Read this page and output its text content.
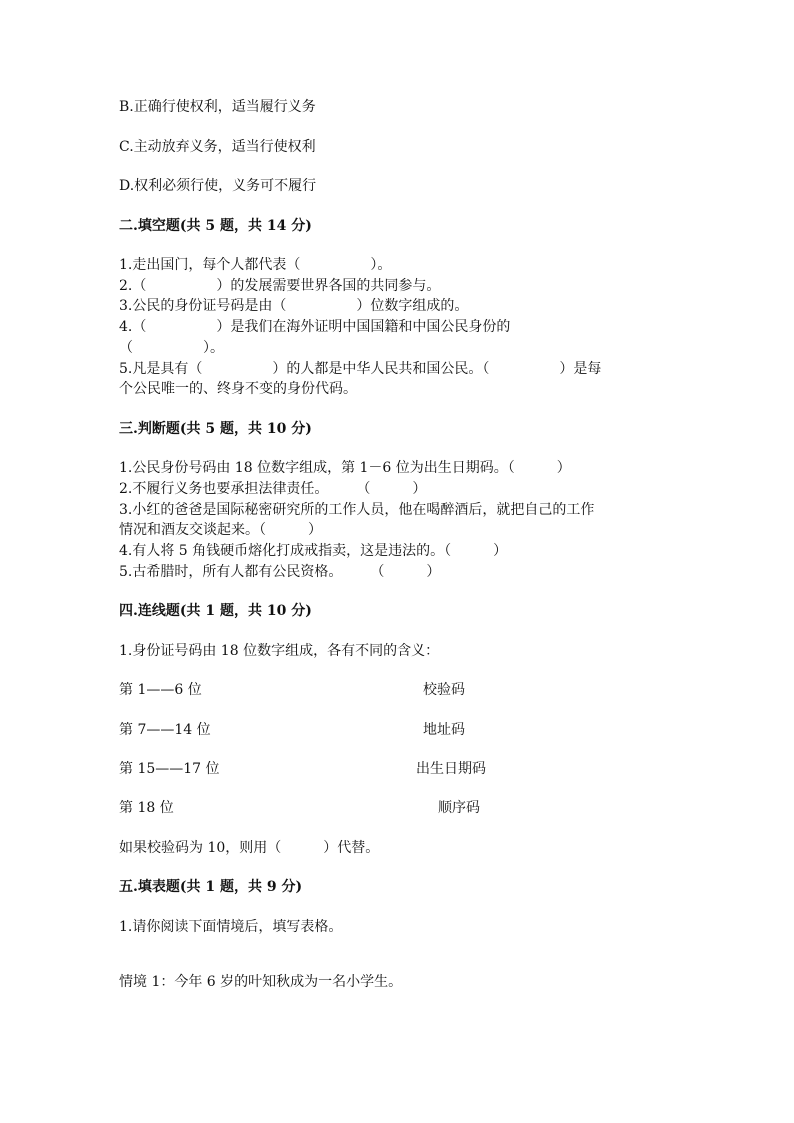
B.正确行使权利，适当履行义务
C.主动放弃义务，适当行使权利
D.权利必须行使，义务可不履行
二.填空题(共 5 题，共 14 分)
1.走出国门，每个人都代表（　　　　　）。
2.（　　　　　）的发展需要世界各国的共同参与。
3.公民的身份证号码是由（　　　　　）位数字组成的。
4.（　　　　　）是我们在海外证明中国国籍和中国公民身份的
（　　　　　）。
5.凡是具有（　　　　　）的人都是中华人民共和国公民。（　　　　　）是每
个公民唯一的、终身不变的身份代码。
三.判断题(共 5 题，共 10 分)
1.公民身份号码由 18 位数字组成，第 1－6 位为出生日期码。（　　　）
2.不履行义务也要承担法律责任。　　　（　　　）
3.小红的爸爸是国际秘密研究所的工作人员，他在喝醉酒后，就把自己的工作
情况和酒友交谈起来。（　　　）
4.有人将 5 角钱硬币熔化打成戒指卖，这是违法的。（　　　）
5.古希腊时，所有人都有公民资格。　　　（　　　）
四.连线题(共 1 题，共 10 分)
1.身份证号码由 18 位数字组成，各有不同的含义：
第 1——6 位	校验码
第 7——14 位	地址码
第 15——17 位	出生日期码
第 18 位	顺序码
如果校验码为 10，则用（　　　）代替。
五.填表题(共 1 题，共 9 分)
1.请你阅读下面情境后，填写表格。
情境 1：今年 6 岁的叶知秋成为一名小学生。
